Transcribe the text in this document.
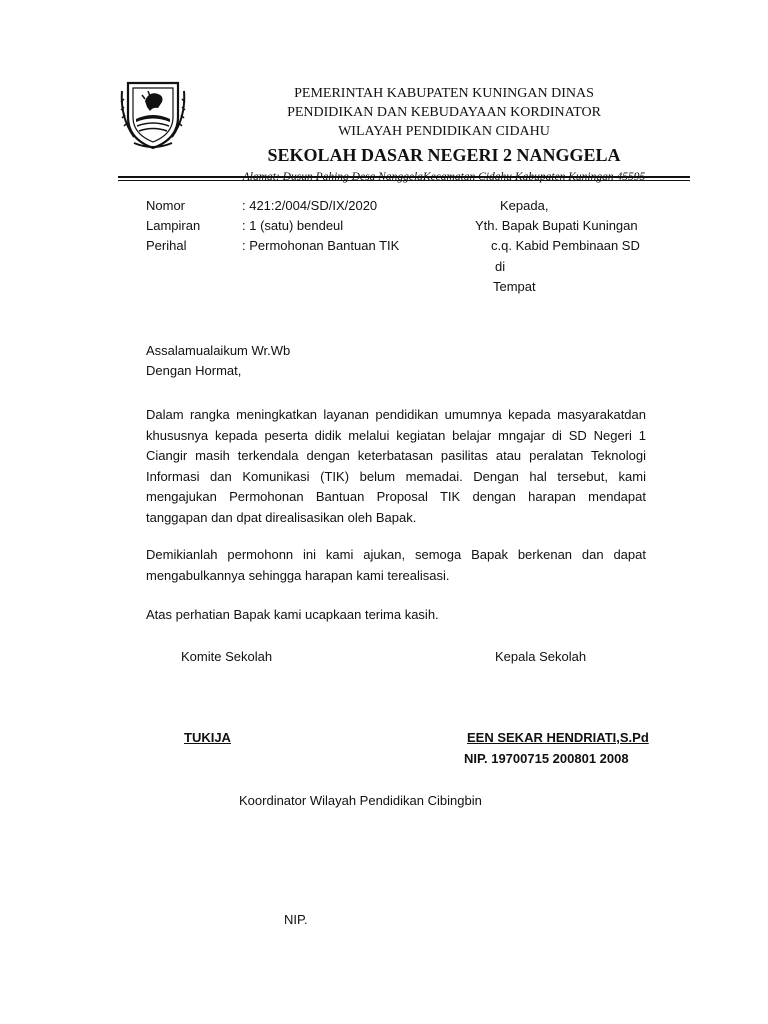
PEMERINTAH KABUPATEN KUNINGAN DINAS
PENDIDIKAN DAN KEBUDAYAAN KORDINATOR
WILAYAH PENDIDIKAN CIDAHU
SEKOLAH DASAR NEGERI 2 NANGGELA
Nomor	: 421:2/004/SD/IX/2020
Lampiran	: 1 (satu) bendeul
Perihal	: Permohonan Bantuan TIK
Kepada,
Yth. Bapak Bupati Kuningan
c.q. Kabid Pembinaan SD
di
Tempat
Assalamualaikum Wr.Wb
Dengan Hormat,
Dalam rangka meningkatkan layanan pendidikan umumnya kepada masyarakatdan khususnya kepada peserta didik melalui kegiatan belajar mngajar di SD Negeri 1 Ciangir masih terkendala dengan keterbatasan pasilitas atau peralatan Teknologi Informasi dan Komunikasi (TIK) belum memadai. Dengan hal tersebut, kami mengajukan Permohonan Bantuan Proposal TIK dengan harapan mendapat tanggapan dan dpat direalisasikan oleh Bapak.
Demikianlah permohonn ini kami ajukan, semoga Bapak berkenan dan dapat mengabulkannya sehingga harapan kami terealisasi.
Atas perhatian Bapak kami ucapkaan terima kasih.
Komite Sekolah	Kepala Sekolah
TUKIJA	EEN SEKAR HENDRIATI,S.Pd
NIP. 19700715 200801 2008
Koordinator Wilayah Pendidikan Cibingbin
NIP.
